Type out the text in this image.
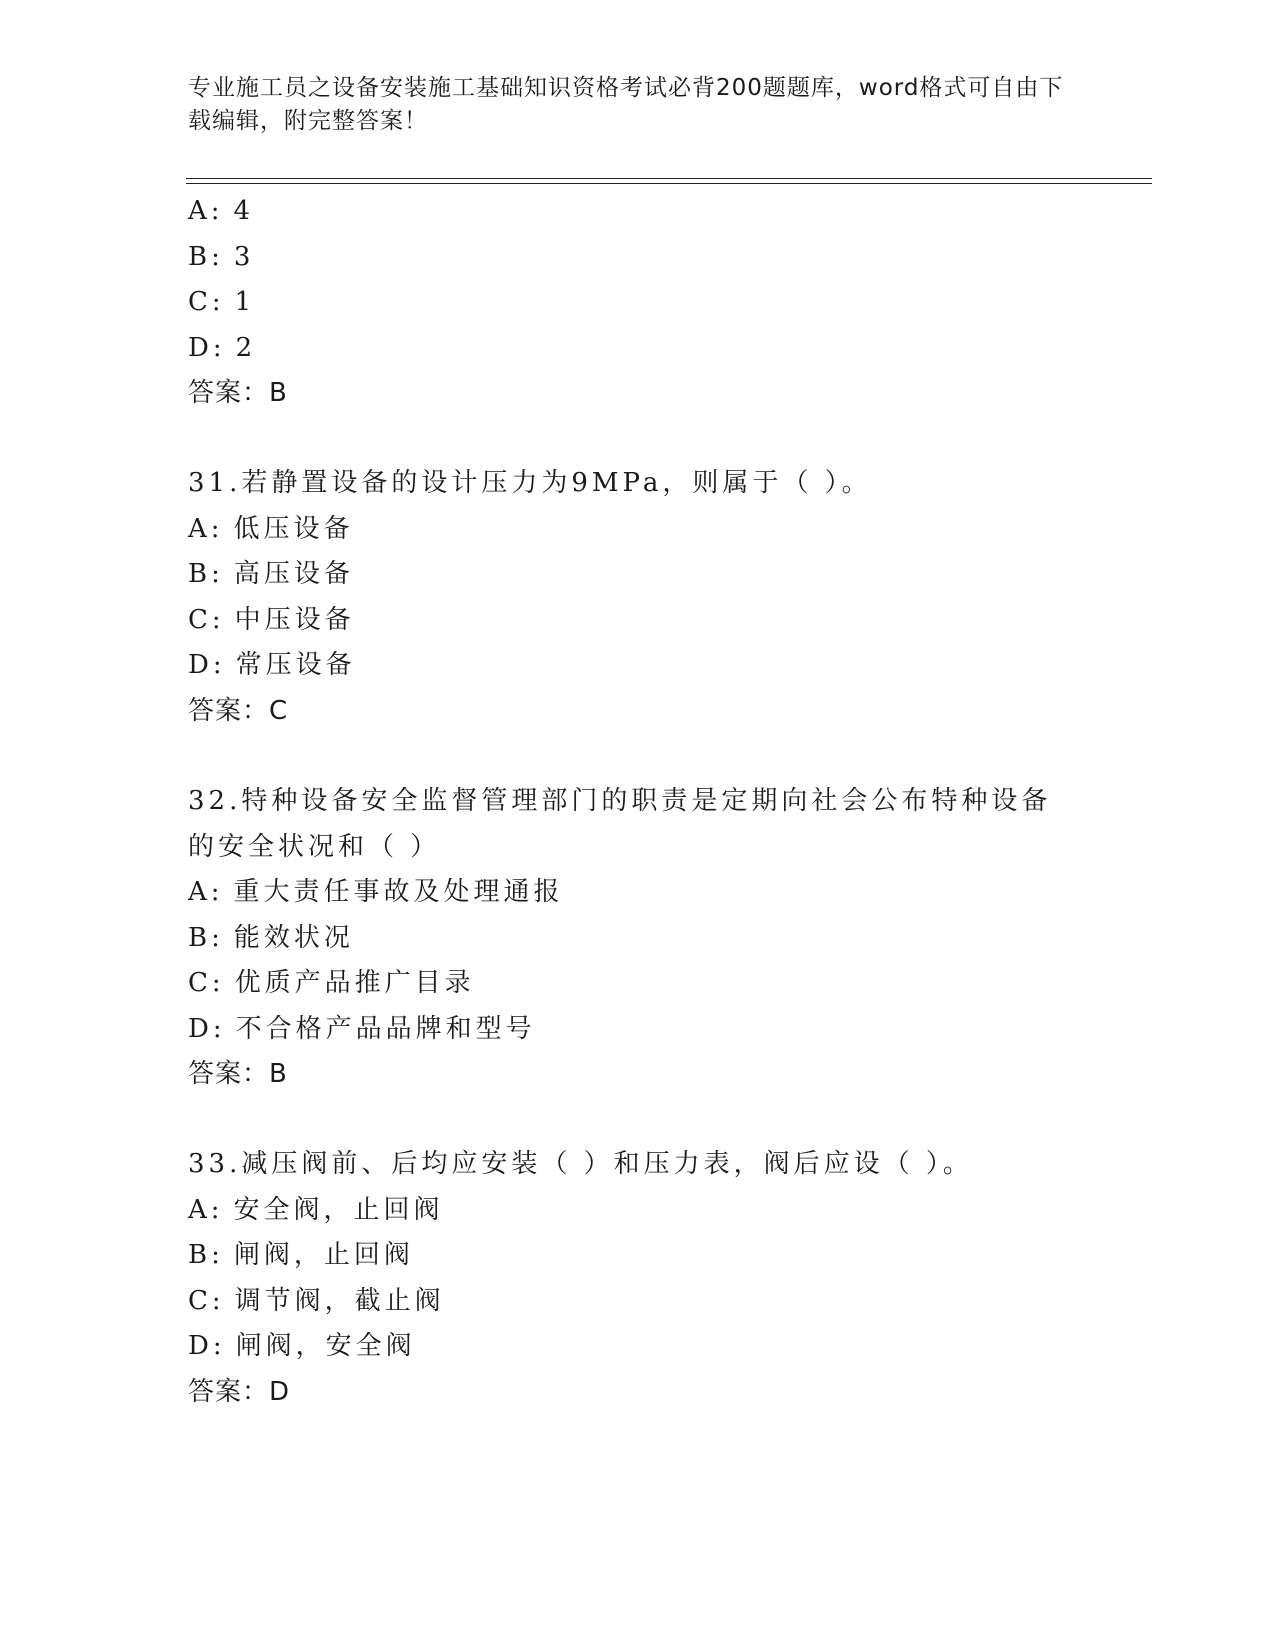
专业施工员之设备安装施工基础知识资格考试必背200题题库，word格式可自由下载编辑，附完整答案！
A: 4
B: 3
C: 1
D: 2
答案：B
31.若静置设备的设计压力为9MPa，则属于（ ）。
A: 低压设备
B: 高压设备
C: 中压设备
D: 常压设备
答案：C
32.特种设备安全监督管理部门的职责是定期向社会公布特种设备的安全状况和（ ）
A: 重大责任事故及处理通报
B: 能效状况
C: 优质产品推广目录
D: 不合格产品品牌和型号
答案：B
33.减压阀前、后均应安装（ ）和压力表，阀后应设（ ）。
A: 安全阀，止回阀
B: 闸阀，止回阀
C: 调节阀，截止阀
D: 闸阀，安全阀
答案：D
